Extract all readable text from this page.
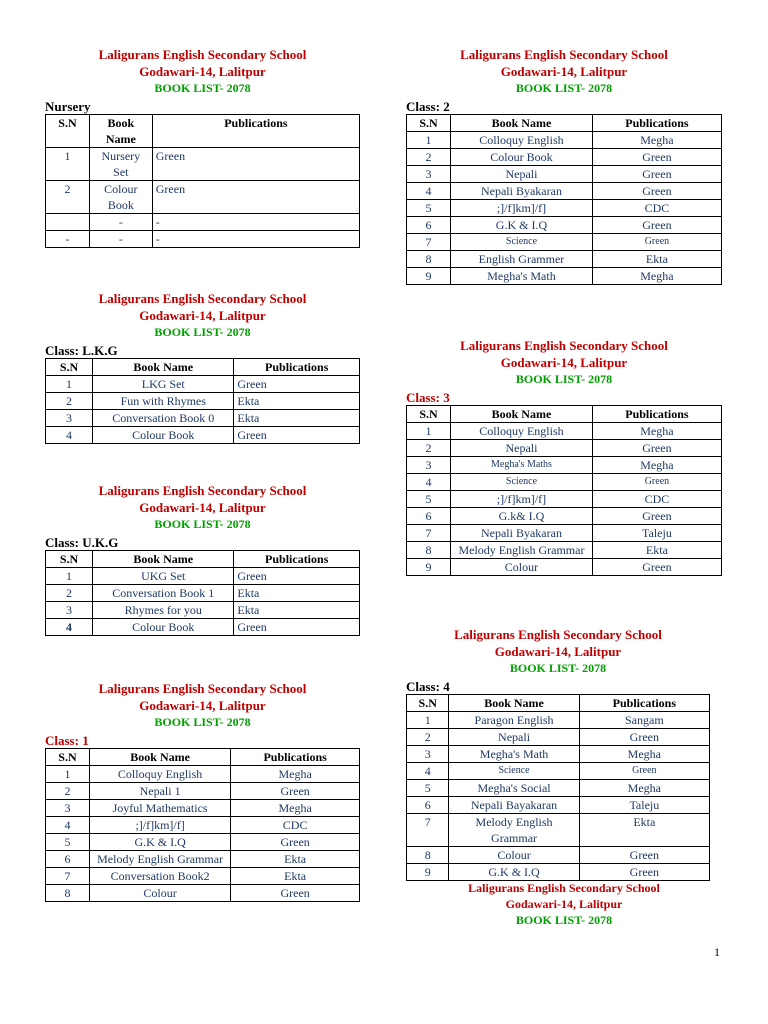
Laligurans English Secondary School
Godawari-14, Lalitpur
BOOK LIST- 2078
Nursery
S.N	Book Name	Publications
1	Nursery Set	Green
2	Colour Book	Green
	-	-
-	-	-
Laligurans English Secondary School
Godawari-14, Lalitpur
BOOK LIST- 2078
Class: L.K.G
S.N	Book Name	Publications
1	LKG Set	Green
2	Fun with Rhymes	Ekta
3	Conversation Book 0	Ekta
4	Colour Book	Green
Laligurans English Secondary School
Godawari-14, Lalitpur
BOOK LIST- 2078
Class: U.K.G
S.N	Book Name	Publications
1	UKG Set	Green
2	Conversation Book 1	Ekta
3	Rhymes for you	Ekta
4	Colour Book	Green
Laligurans English Secondary School
Godawari-14, Lalitpur
BOOK LIST- 2078
Class: 1
S.N	Book Name	Publications
1	Colloquy English	Megha
2	Nepali 1	Green
3	Joyful Mathematics	Megha
4	;]/f]km]/f]	CDC
5	G.K & I.Q	Green
6	Melody English Grammar	Ekta
7	Conversation Book2	Ekta
8	Colour	Green
Laligurans English Secondary School
Godawari-14, Lalitpur
BOOK LIST- 2078
Class: 2
S.N	Book Name	Publications
1	Colloquy English	Megha
2	Colour Book	Green
3	Nepali	Green
4	Nepali Byakaran	Green
5	;]/f]km]/f]	CDC
6	G.K & I.Q	Green
7	Science	Green
8	English Grammer	Ekta
9	Megha's Math	Megha
Laligurans English Secondary School
Godawari-14, Lalitpur
BOOK LIST- 2078
Class: 3
S.N	Book Name	Publications
1	Colloquy English	Megha
2	Nepali	Green
3	Megha's Maths	Megha
4	Science	Green
5	;]/f]km]/f]	CDC
6	G.k& I.Q	Green
7	Nepali Byakaran	Taleju
8	Melody English Grammar	Ekta
9	Colour	Green
Laligurans English Secondary School
Godawari-14, Lalitpur
BOOK LIST- 2078
Class: 4
S.N	Book Name	Publications
1	Paragon English	Sangam
2	Nepali	Green
3	Megha's Math	Megha
4	Science	Green
5	Megha's Social	Megha
6	Nepali Bayakaran	Taleju
7	Melody English Grammar	Ekta
8	Colour	Green
9	G.K & I.Q	Green
Laligurans English Secondary School
Godawari-14, Lalitpur
BOOK LIST- 2078
1
